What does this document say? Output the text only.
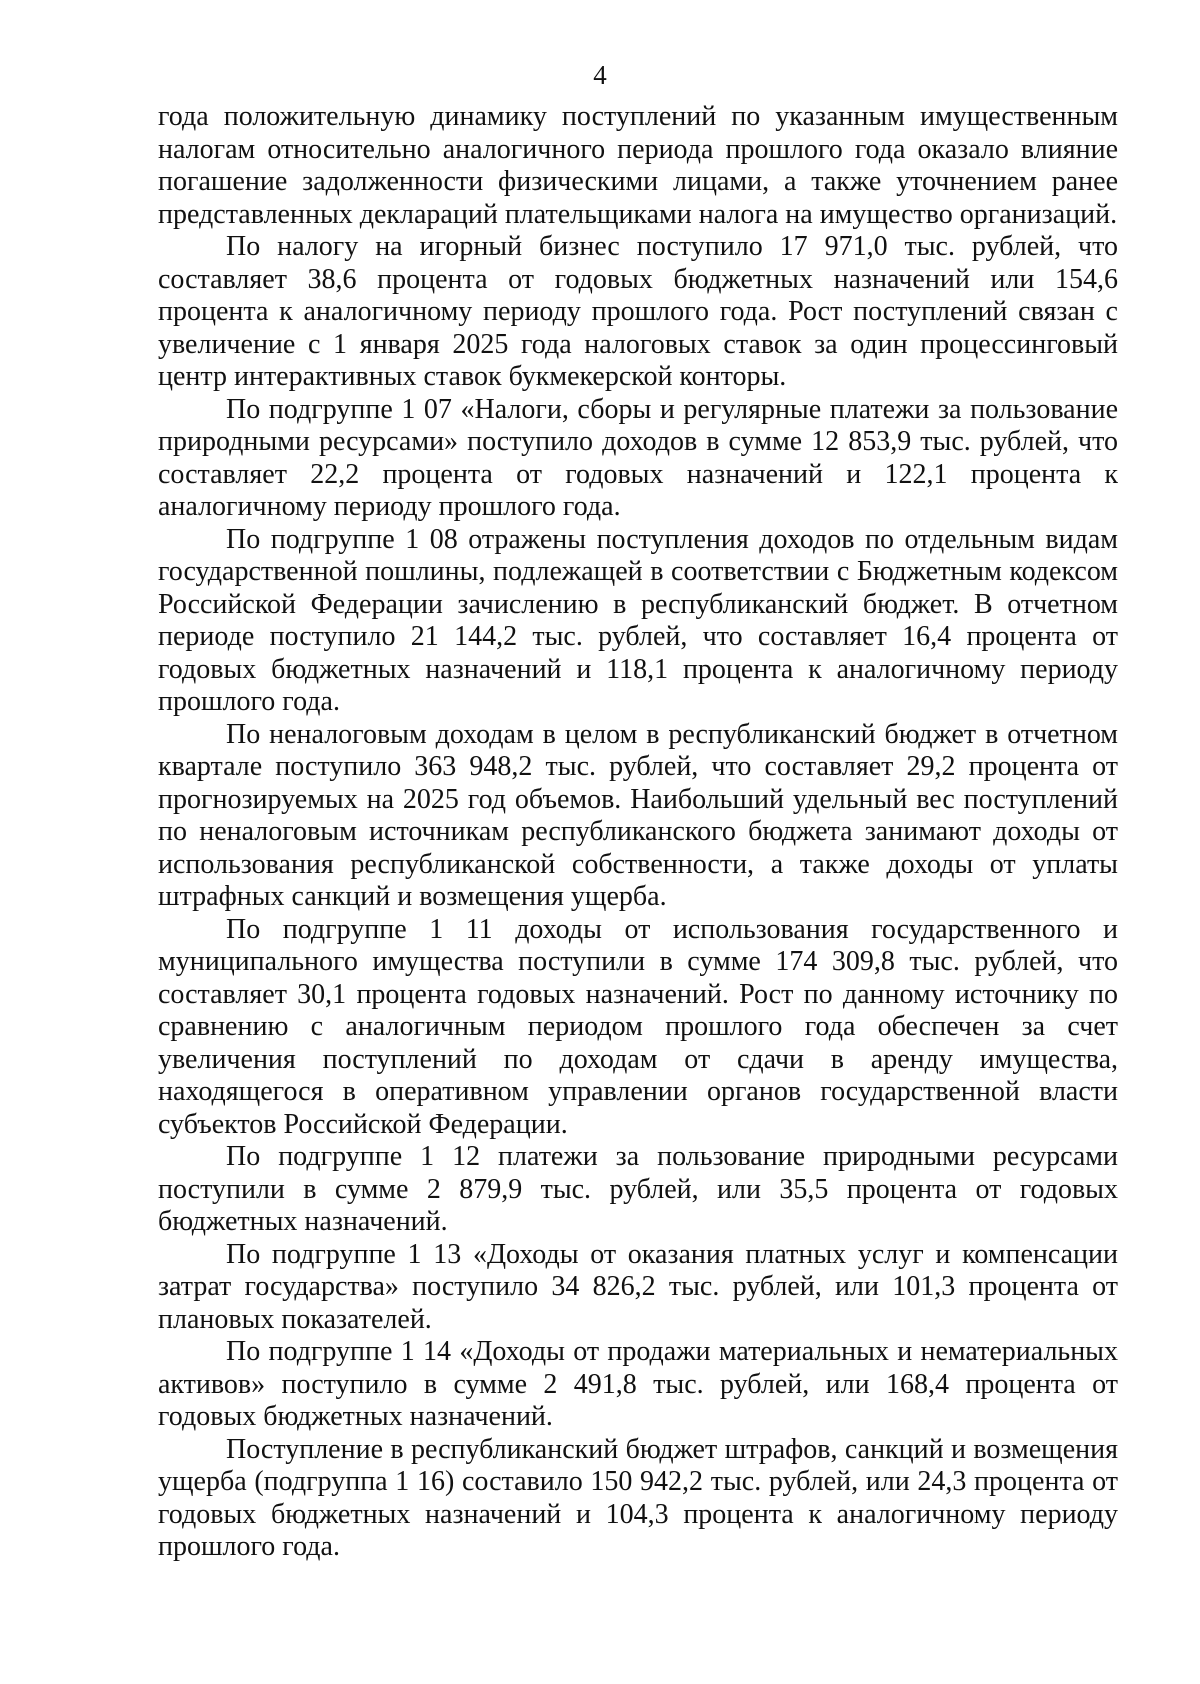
4

года положительную динамику поступлений по указанным имущественным налогам относительно аналогичного периода прошлого года оказало влияние погашение задолженности физическими лицами, а также уточнением ранее представленных деклараций плательщиками налога на имущество организаций.

По налогу на игорный бизнес поступило 17 971,0 тыс. рублей, что составляет 38,6 процента от годовых бюджетных назначений или 154,6 процента к аналогичному периоду прошлого года. Рост поступлений связан с увеличение с 1 января 2025 года налоговых ставок за один процессинговый центр интерактивных ставок букмекерской конторы.

По подгруппе 1 07 «Налоги, сборы и регулярные платежи за пользование природными ресурсами» поступило доходов в сумме 12 853,9 тыс. рублей, что составляет 22,2 процента от годовых назначений и 122,1 процента к аналогичному периоду прошлого года.

По подгруппе 1 08 отражены поступления доходов по отдельным видам государственной пошлины, подлежащей в соответствии с Бюджетным кодексом Российской Федерации зачислению в республиканский бюджет. В отчетном периоде поступило 21 144,2 тыс. рублей, что составляет 16,4 процента от годовых бюджетных назначений и 118,1 процента к аналогичному периоду прошлого года.

По неналоговым доходам в целом в республиканский бюджет в отчетном квартале поступило 363 948,2 тыс. рублей, что составляет 29,2 процента от прогнозируемых на 2025 год объемов. Наибольший удельный вес поступлений по неналоговым источникам республиканского бюджета занимают доходы от использования республиканской собственности, а также доходы от уплаты штрафных санкций и возмещения ущерба.

По подгруппе 1 11 доходы от использования государственного и муниципального имущества поступили в сумме 174 309,8 тыс. рублей, что составляет 30,1 процента годовых назначений. Рост по данному источнику по сравнению с аналогичным периодом прошлого года обеспечен за счет увеличения поступлений по доходам от сдачи в аренду имущества, находящегося в оперативном управлении органов государственной власти субъектов Российской Федерации.

По подгруппе 1 12 платежи за пользование природными ресурсами поступили в сумме 2 879,9 тыс. рублей, или 35,5 процента от годовых бюджетных назначений.

По подгруппе 1 13 «Доходы от оказания платных услуг и компенсации затрат государства» поступило 34 826,2 тыс. рублей, или 101,3 процента от плановых показателей.

По подгруппе 1 14 «Доходы от продажи материальных и нематериальных активов» поступило в сумме 2 491,8 тыс. рублей, или 168,4 процента от годовых бюджетных назначений.

Поступление в республиканский бюджет штрафов, санкций и возмещения ущерба (подгруппа 1 16) составило 150 942,2 тыс. рублей, или 24,3 процента от годовых бюджетных назначений и 104,3 процента к аналогичному периоду прошлого года.
